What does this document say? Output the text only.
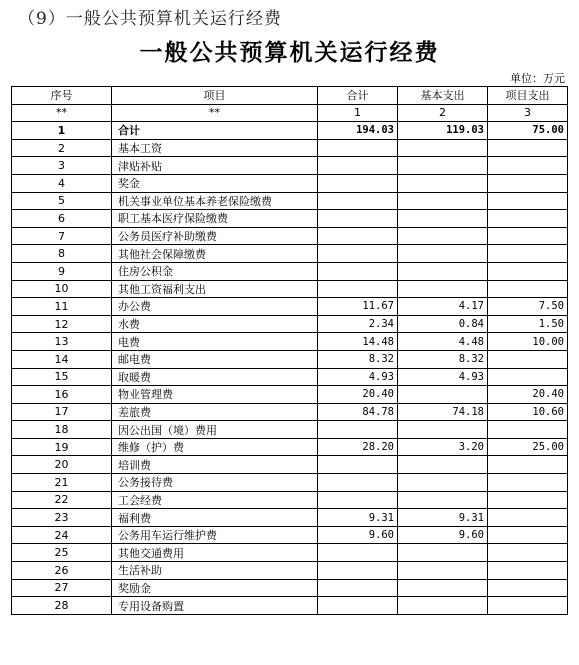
（9）一般公共预算机关运行经费
一般公共预算机关运行经费
单位：万元
序号	项目	合计	基本支出	项目支出
**	**	1	2	3
1	合计	194.03	119.03	75.00
2	基本工资			
3	津贴补贴			
4	奖金			
5	机关事业单位基本养老保险缴费			
6	职工基本医疗保险缴费			
7	公务员医疗补助缴费			
8	其他社会保障缴费			
9	住房公积金			
10	其他工资福利支出			
11	办公费	11.67	4.17	7.50
12	水费	2.34	0.84	1.50
13	电费	14.48	4.48	10.00
14	邮电费	8.32	8.32	
15	取暖费	4.93	4.93	
16	物业管理费	20.40		20.40
17	差旅费	84.78	74.18	10.60
18	因公出国（境）费用			
19	维修（护）费	28.20	3.20	25.00
20	培训费			
21	公务接待费			
22	工会经费			
23	福利费	9.31	9.31	
24	公务用车运行维护费	9.60	9.60	
25	其他交通费用			
26	生活补助			
27	奖励金			
28	专用设备购置			
